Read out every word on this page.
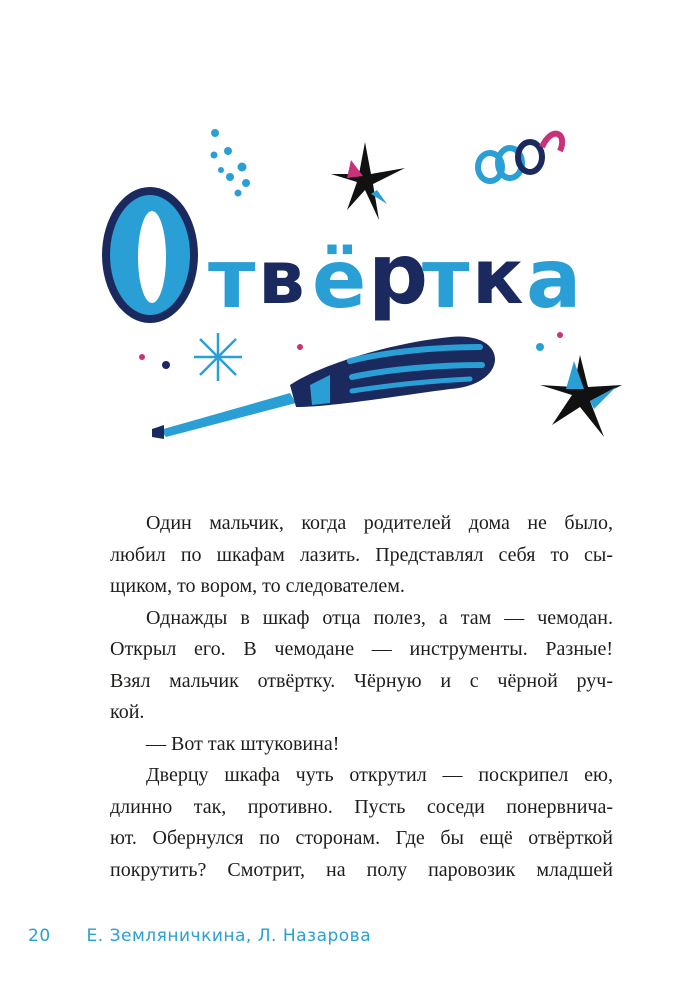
т в ё р
т к а

Один мальчик, когда родителей дома не было,
любил по шкафам лазить. Представлял себя то сы-
щиком, то вором, то следователем.

Однажды в шкаф отца полез, а там — чемодан.
Открыл его. В чемодане — инструменты. Разные!
Взял мальчик отвёртку. Чёрную и с чёрной руч-
кой.

— Вот так штуковина!

Дверцу шкафа чуть открутил — поскрипел ею,
длинно так, противно. Пусть соседи понервнича-
ют. Обернулся по сторонам. Где бы ещё отвёрткой
покрутить? Смотрит, на полу паровозик младшей

20 Е. Земляничкина, Л. Назарова
